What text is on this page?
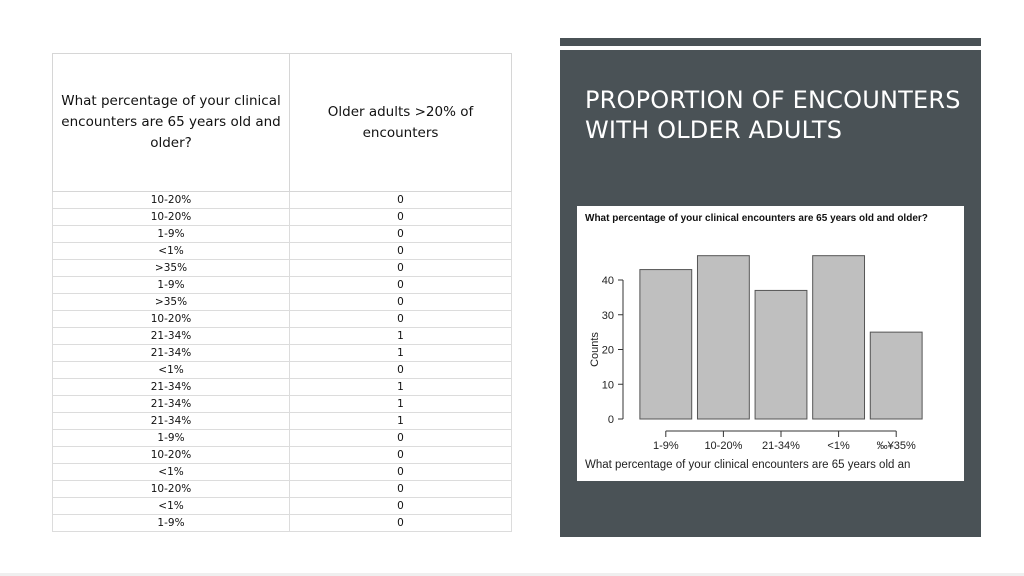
What percentage of your clinical encounters are 65 years old and older?	Older adults >20% of encounters
10-20%	0
10-20%	0
1-9%	0
<1%	0
>35%	0
1-9%	0
>35%	0
10-20%	0
21-34%	1
21-34%	1
<1%	0
21-34%	1
21-34%	1
21-34%	1
1-9%	0
10-20%	0
<1%	0
10-20%	0
<1%	0
1-9%	0
PROPORTION OF ENCOUNTERS WITH OLDER ADULTS
What percentage of your clinical encounters are 65 years old and older?
0
10
20
30
40
Counts
1-9% 10-20% 21-34% <1% ‰¥35%
What percentage of your clinical encounters are 65 years old an
